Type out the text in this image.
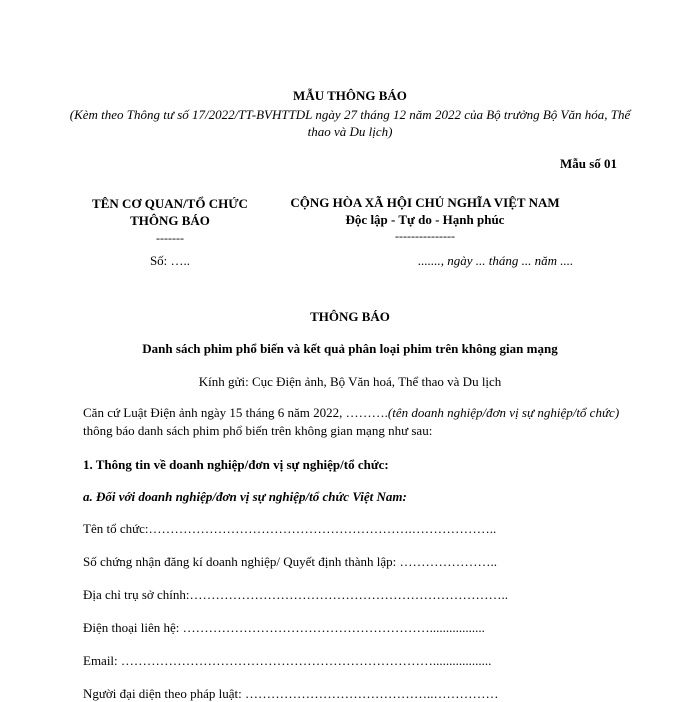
MẪU THÔNG BÁO
(Kèm theo Thông tư số 17/2022/TT-BVHTTDL ngày 27 tháng 12 năm 2022 của Bộ trưởng Bộ Văn hóa, Thể thao và Du lịch)
Mẫu số 01
TÊN CƠ QUAN/TỔ CHỨC THÔNG BÁO
-------
Số: …..
CỘNG HÒA XÃ HỘI CHỦ NGHĨA VIỆT NAM
Độc lập - Tự do - Hạnh phúc
---------------
......., ngày ... tháng ... năm ....
THÔNG BÁO
Danh sách phim phổ biến và kết quả phân loại phim trên không gian mạng
Kính gửi: Cục Điện ảnh, Bộ Văn hoá, Thể thao và Du lịch
Căn cứ Luật Điện ảnh ngày 15 tháng 6 năm 2022, ……….(tên doanh nghiệp/đơn vị sự nghiệp/tổ chức) thông báo danh sách phim phổ biến trên không gian mạng như sau:
1. Thông tin về doanh nghiệp/đơn vị sự nghiệp/tổ chức:
a. Đối với doanh nghiệp/đơn vị sự nghiệp/tổ chức Việt Nam:
Tên tổ chức:…………………………………………………….………………..
Số chứng nhận đăng kí doanh nghiệp/ Quyết định thành lập: …………………..
Địa chỉ trụ sở chính:………………………………………………………………..
Điện thoại liên hệ: ………………………………………………….................
Email: ………………………………………………………………..................
Người đại diện theo pháp luật: ……………………………………..……………
